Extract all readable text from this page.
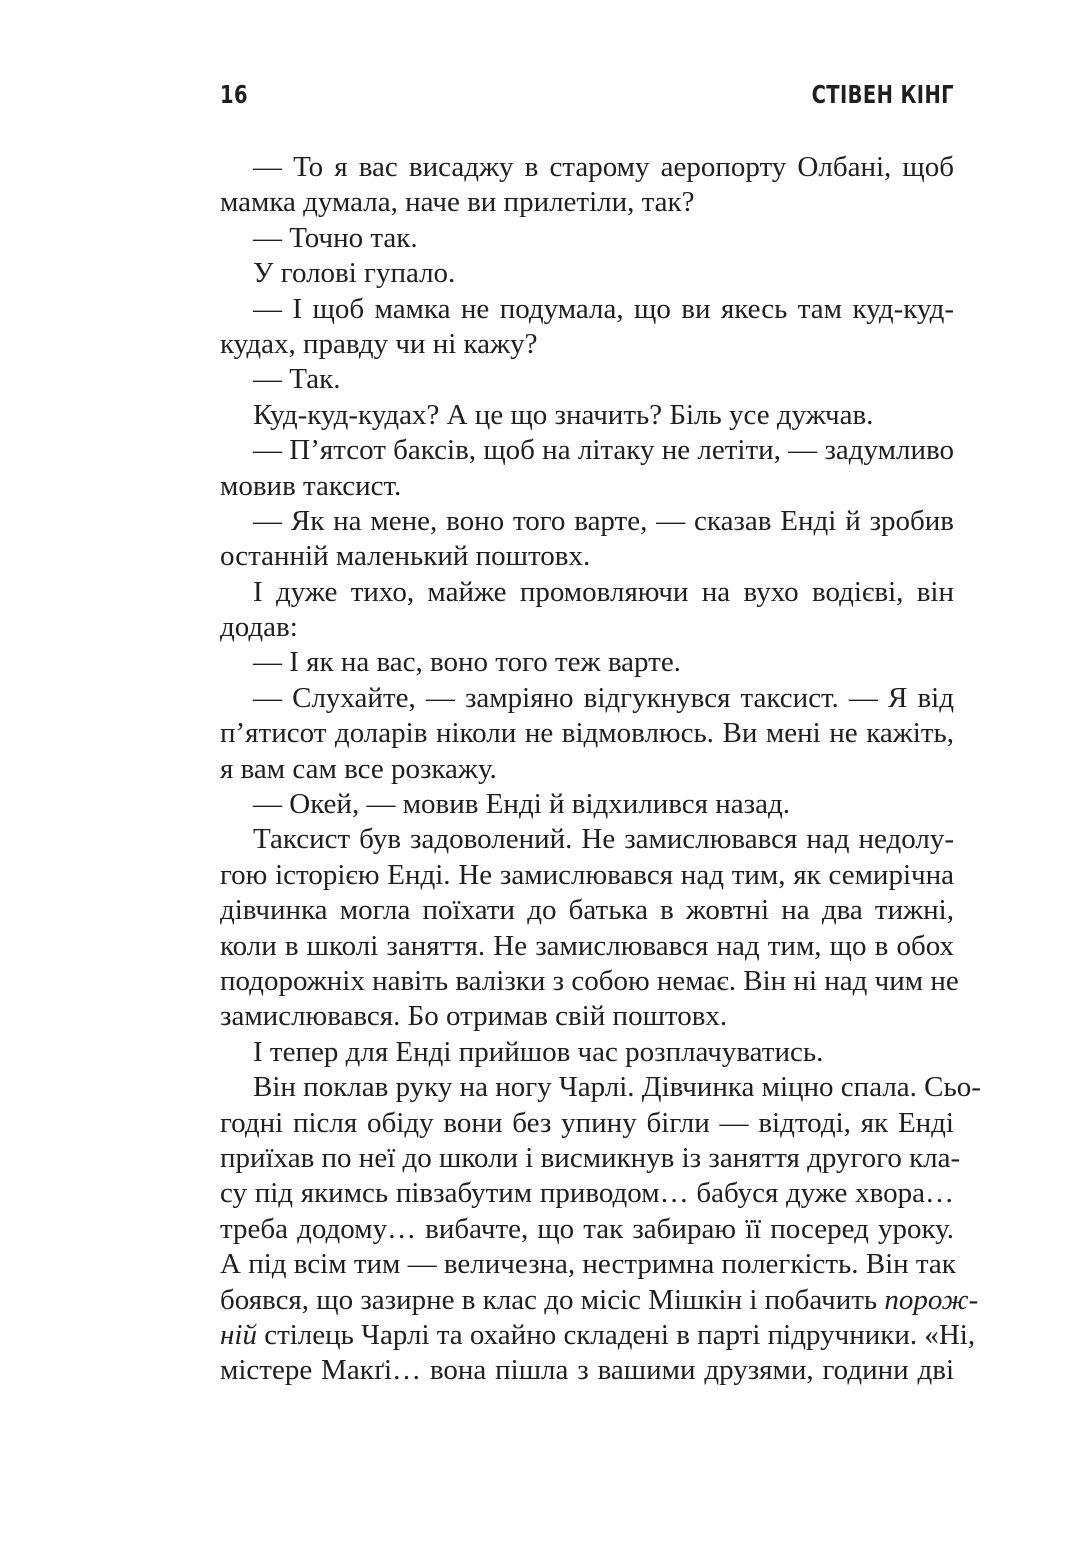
16	СТІВЕН КІНГ
— То я вас висаджу в старому аеропорту Олбані, щоб
мамка думала, наче ви прилетіли, так?
— Точно так.
У голові гупало.
— І щоб мамка не подумала, що ви якесь там куд-куд-
кудах, правду чи ні кажу?
— Так.
Куд-куд-кудах? А це що значить? Біль усе дужчав.
— П’ятсот баксів, щоб на літаку не летіти, — задумливо
мовив таксист.
— Як на мене, воно того варте, — сказав Енді й зробив
останній маленький поштовх.
І дуже тихо, майже промовляючи на вухо водієві, він
додав:
— І як на вас, воно того теж варте.
— Слухайте, — замріяно відгукнувся таксист. — Я від
п’ятисот доларів ніколи не відмовлюсь. Ви мені не кажіть,
я вам сам все розкажу.
— Окей, — мовив Енді й відхилився назад.
Таксист був задоволений. Не замислювався над недолу-
гою історією Енді. Не замислювався над тим, як семирічна
дівчинка могла поїхати до батька в жовтні на два тижні,
коли в школі заняття. Не замислювався над тим, що в обох
подорожніх навіть валізки з собою немає. Він ні над чим не
замислювався. Бо отримав свій поштовх.
І тепер для Енді прийшов час розплачуватись.
Він поклав руку на ногу Чарлі. Дівчинка міцно спала. Сьо-
годні після обіду вони без упину бігли — відтоді, як Енді
приїхав по неї до школи і висмикнув із заняття другого кла-
су під якимсь півзабутим приводом… бабуся дуже хвора…
треба додому… вибачте, що так забираю її посеред уроку.
А під всім тим — величезна, нестримна полегкість. Він так
боявся, що зазирне в клас до місіс Мішкін і побачить порож-
ній стілець Чарлі та охайно складені в парті підручники. «Ні,
містере Макґі… вона пішла з вашими друзями, години дві
